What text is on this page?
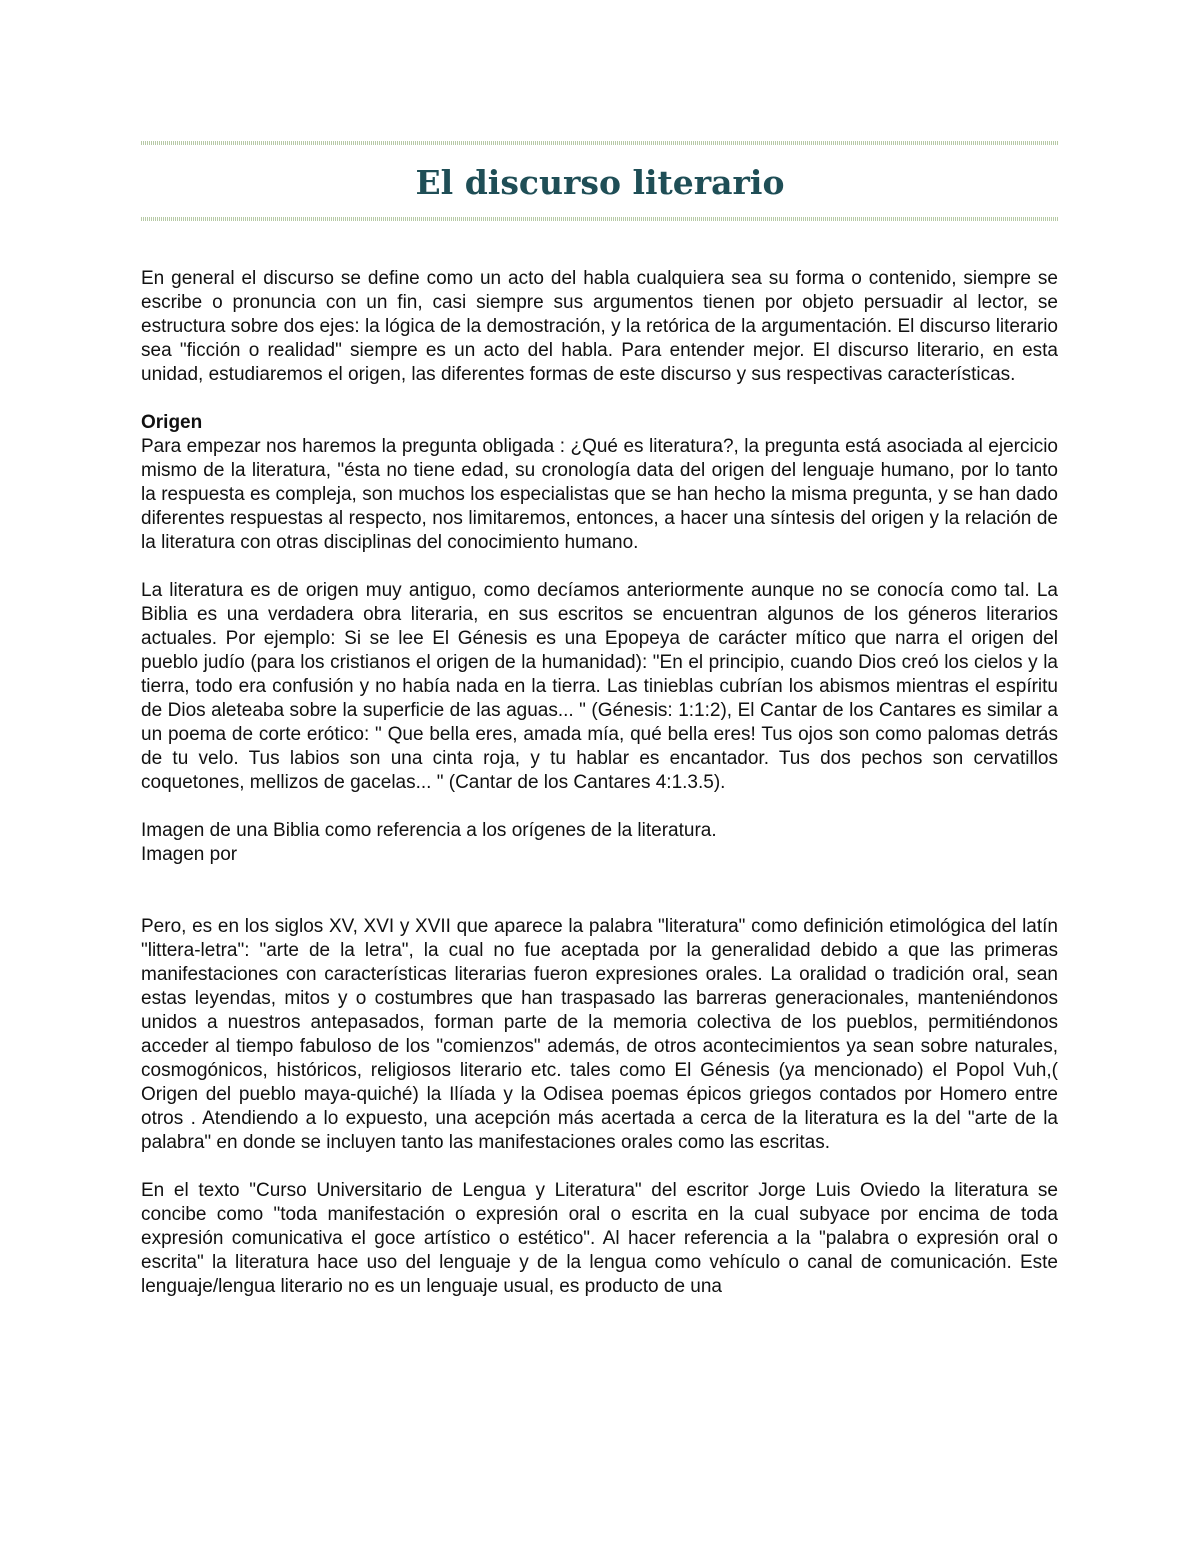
El discurso literario

En general el discurso se define como un acto del habla cualquiera sea su forma o contenido, siempre se escribe o pronuncia con un fin, casi siempre sus argumentos tienen por objeto persuadir al lector, se estructura sobre dos ejes: la lógica de la demostración, y la retórica de la argumentación. El discurso literario sea "ficción o realidad" siempre es un acto del habla. Para entender mejor. El discurso literario, en esta unidad, estudiaremos el origen, las diferentes formas de este discurso y sus respectivas características.

Origen

Para empezar nos haremos la pregunta obligada : ¿Qué es literatura?, la pregunta está asociada al ejercicio mismo de la literatura, "ésta no tiene edad, su cronología data del origen del lenguaje humano, por lo tanto la respuesta es compleja, son muchos los especialistas que se han hecho la misma pregunta, y se han dado diferentes respuestas al respecto, nos limitaremos, entonces, a hacer una síntesis del origen y la relación de la literatura con otras disciplinas del conocimiento humano.

La literatura es de origen muy antiguo, como decíamos anteriormente aunque no se conocía como tal. La Biblia es una verdadera obra literaria, en sus escritos se encuentran algunos de los géneros literarios actuales. Por ejemplo: Si se lee El Génesis es una Epopeya de carácter mítico que narra el origen del pueblo judío (para los cristianos el origen de la humanidad): "En el principio, cuando Dios creó los cielos y la tierra, todo era confusión y no había nada en la tierra. Las tinieblas cubrían los abismos mientras el espíritu de Dios aleteaba sobre la superficie de las aguas... " (Génesis: 1:1:2), El Cantar de los Cantares es similar a un poema de corte erótico: " Que bella eres, amada mía, qué bella eres! Tus ojos son como palomas detrás de tu velo. Tus labios son una cinta roja, y tu hablar es encantador. Tus dos pechos son cervatillos coquetones, mellizos de gacelas... " (Cantar de los Cantares 4:1.3.5).

Imagen de una Biblia como referencia a los orígenes de la literatura.

Imagen por

Pero, es en los siglos XV, XVI y XVII que aparece la palabra "literatura" como definición etimológica del latín "littera-letra": "arte de la letra", la cual no fue aceptada por la generalidad debido a que las primeras manifestaciones con características literarias fueron expresiones orales. La oralidad o tradición oral, sean estas leyendas, mitos y o costumbres que han traspasado las barreras generacionales, manteniéndonos unidos a nuestros antepasados, forman parte de la memoria colectiva de los pueblos, permitiéndonos acceder al tiempo fabuloso de los "comienzos" además, de otros acontecimientos ya sean sobre naturales, cosmogónicos, históricos, religiosos literario etc. tales como El Génesis (ya mencionado) el Popol Vuh,( Origen del pueblo maya-quiché) la Ilíada y la Odisea poemas épicos griegos contados por Homero entre otros . Atendiendo a lo expuesto, una acepción más acertada a cerca de la literatura es la del "arte de la palabra" en donde se incluyen tanto las manifestaciones orales como las escritas.

En el texto "Curso Universitario de Lengua y Literatura" del escritor Jorge Luis Oviedo la literatura se concibe como "toda manifestación o expresión oral o escrita en la cual subyace por encima de toda expresión comunicativa el goce artístico o estético". Al hacer referencia a la "palabra o expresión oral o escrita" la literatura hace uso del lenguaje y de la lengua como vehículo o canal de comunicación. Este lenguaje/lengua literario no es un lenguaje usual, es producto de una
